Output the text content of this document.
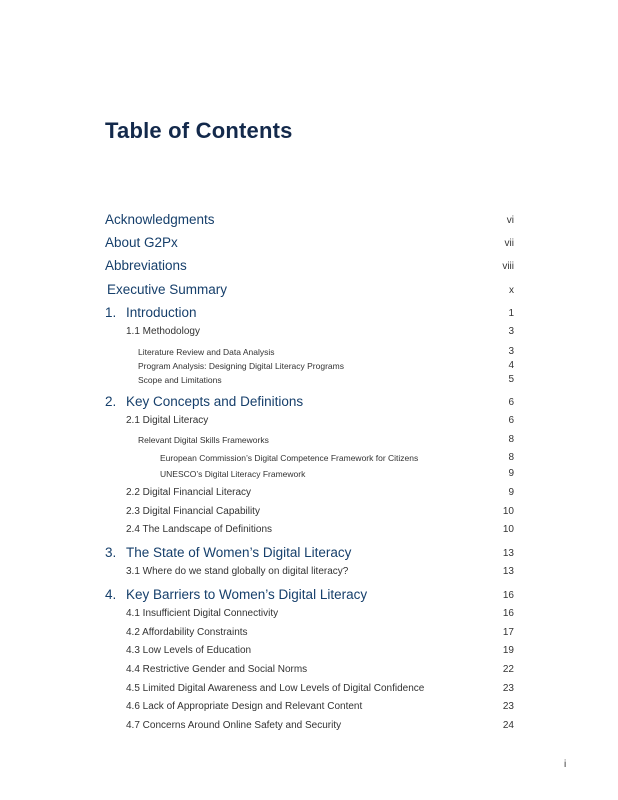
Table of Contents
Acknowledgments	vi
About G2Px	vii
Abbreviations	viii
Executive Summary	x
1. Introduction	1
1.1 Methodology	3
Literature Review and Data Analysis	3
Program Analysis: Designing Digital Literacy Programs	4
Scope and Limitations	5
2. Key Concepts and Definitions	6
2.1 Digital Literacy	6
Relevant Digital Skills Frameworks	8
European Commission’s Digital Competence Framework for Citizens	8
UNESCO’s Digital Literacy Framework	9
2.2 Digital Financial Literacy	9
2.3 Digital Financial Capability	10
2.4 The Landscape of Definitions	10
3. The State of Women’s Digital Literacy	13
3.1 Where do we stand globally on digital literacy?	13
4. Key Barriers to Women’s Digital Literacy	16
4.1 Insufficient Digital Connectivity	16
4.2 Affordability Constraints	17
4.3 Low Levels of Education	19
4.4 Restrictive Gender and Social Norms	22
4.5 Limited Digital Awareness and Low Levels of Digital Confidence	23
4.6 Lack of Appropriate Design and Relevant Content	23
4.7 Concerns Around Online Safety and Security	24
i
